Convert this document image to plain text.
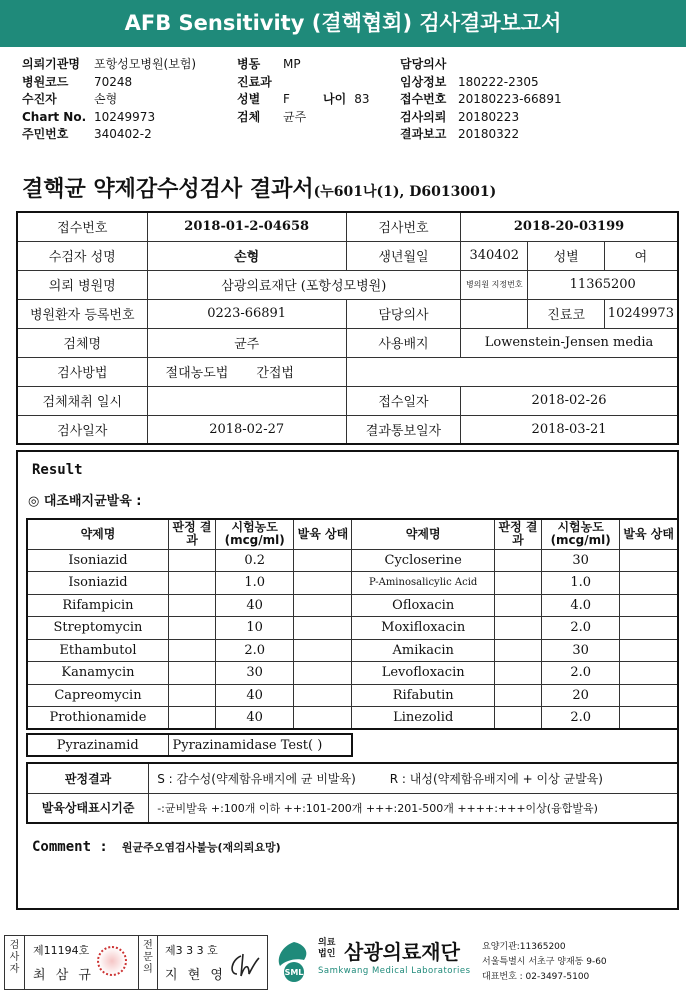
AFB Sensitivity (결핵협회) 검사결과보고서
의뢰기관명 포항성모병원(보험)
병원코드 70248
수진자	손형
Chart No. 10249973
주민번호 340402-2
병동 MP
진료과
성별 F	나이 83
검체 균주
담당의사
임상정보 180222-2305
접수번호 20180223-66891
검사의뢰 20180223
결과보고 20180322
결핵균 약제감수성검사 결과서(누601나(1), D6013001)
접수번호	2018-01-2-04658	검사번호	2018-20-03199		
수검자 성명	손형	생년월일	340402	성별	여
의뢰 병원명	삼광의료재단 (포항성모병원)		병의원 지정번호	11365200	
병원환자 등록번호	0223-66891	담당의사		진료코	10249973
검체명	균주	사용배지	Lowenstein-Jensen media		
검사방법	절대농도법 간접법				
검체채취 일시		접수일자	2018-02-26		
검사일자	2018-02-27	결과통보일자	2018-03-21		
Result
◎ 대조배지균발육 :
약제명	판정 결과	시험농도 (mcg/ml)	발육 상태	약제명	판정 결과	시험농도 (mcg/ml)	발육 상태
Isoniazid		0.2		Cycloserine		30	
Isoniazid		1.0		P-Aminosalicylic Acid		1.0	
Rifampicin		40		Ofloxacin		4.0	
Streptomycin		10		Moxifloxacin		2.0	
Ethambutol		2.0		Amikacin		30	
Kanamycin		30		Levofloxacin		2.0	
Capreomycin		40		Rifabutin		20	
Prothionamide		40		Linezolid		2.0	
Pyrazinamid	Pyrazinamidase Test( )
판정결과	S : 감수성(약제함유배지에 균 비발육) R : 내성(약제함유배지에 + 이상 균발육)
발육상태표시기준	-:균비발육 +:100개 이하 ++:101-200개 +++:201-500개 ++++:+++이상(융합발육)
Comment : 원균주오염검사불능(재의뢰요망)
검사자
제11194호
최 삼 규
전문의
제3 3 3 호
지 현 영	SML
의료 법인 삼광의료재단
Samkwang Medical Laboratories
요양기관:11365200
서울특별시 서초구 양재동 9-60
대표번호 : 02-3497-5100
